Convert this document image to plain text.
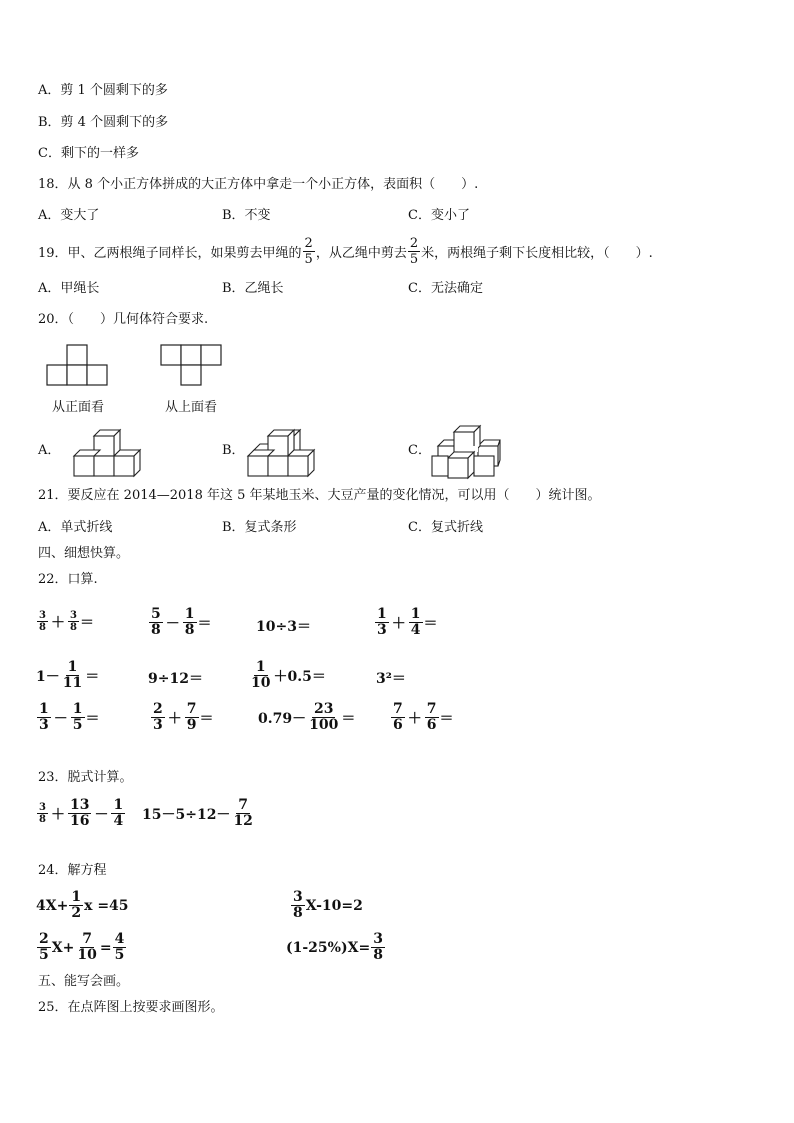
A．剪 1 个圆剩下的多
B．剪 4 个圆剩下的多
C．剩下的一样多
18．从 8 个小正方体拼成的大正方体中拿走一个小正方体，表面积（　　）.
A．变大了	B．不变	C．变小了
19．甲、乙两根绳子同样长，如果剪去甲绳的 $\frac{2}{5}$ ，从乙绳中剪去 $\frac{2}{5}$ 米，两根绳子剩下长度相比较，（　　）.
A．甲绳长	B．乙绳长	C．无法确定
20．（　　）几何体符合要求.
从正面看	从上面看
A．	B．	C．
21．要反应在 2014—2018 年这 5 年某地玉米、大豆产量的变化情况，可以用（　　）统计图。
A．单式折线	B．复式条形	C．复式折线
四、细想快算。
22．口算.
$\frac{3}{8} + \frac{3}{8}$ ＝	$\frac{5}{8} - \frac{1}{8}$ ＝	10÷3＝	$\frac{1}{3} + \frac{1}{4}$ ＝
$1- \frac{1}{11}$ ＝	9÷12＝	$\frac{1}{10} +0.5=$	3²＝
$\frac{1}{3} - \frac{1}{5}$ ＝	$\frac{2}{3} + \frac{7}{9}$ ＝	$0.79- \frac{23}{100}$ ＝	$\frac{7}{6} + \frac{7}{6}$ ＝
23．脱式计算。
$\frac{3}{8} + \frac{13}{16} - \frac{1}{4} 15-5\div 12- \frac{7}{12}$
24．解方程
$4X+ \frac{1}{2}$ x =45	$\frac{3}{8} X-10=2$
$\frac{2}{5} X+ \frac{7}{10} = \frac{4}{5}$	$(1-25\%)X= \frac{3}{8}$
五、能写会画。
25．在点阵图上按要求画图形。
